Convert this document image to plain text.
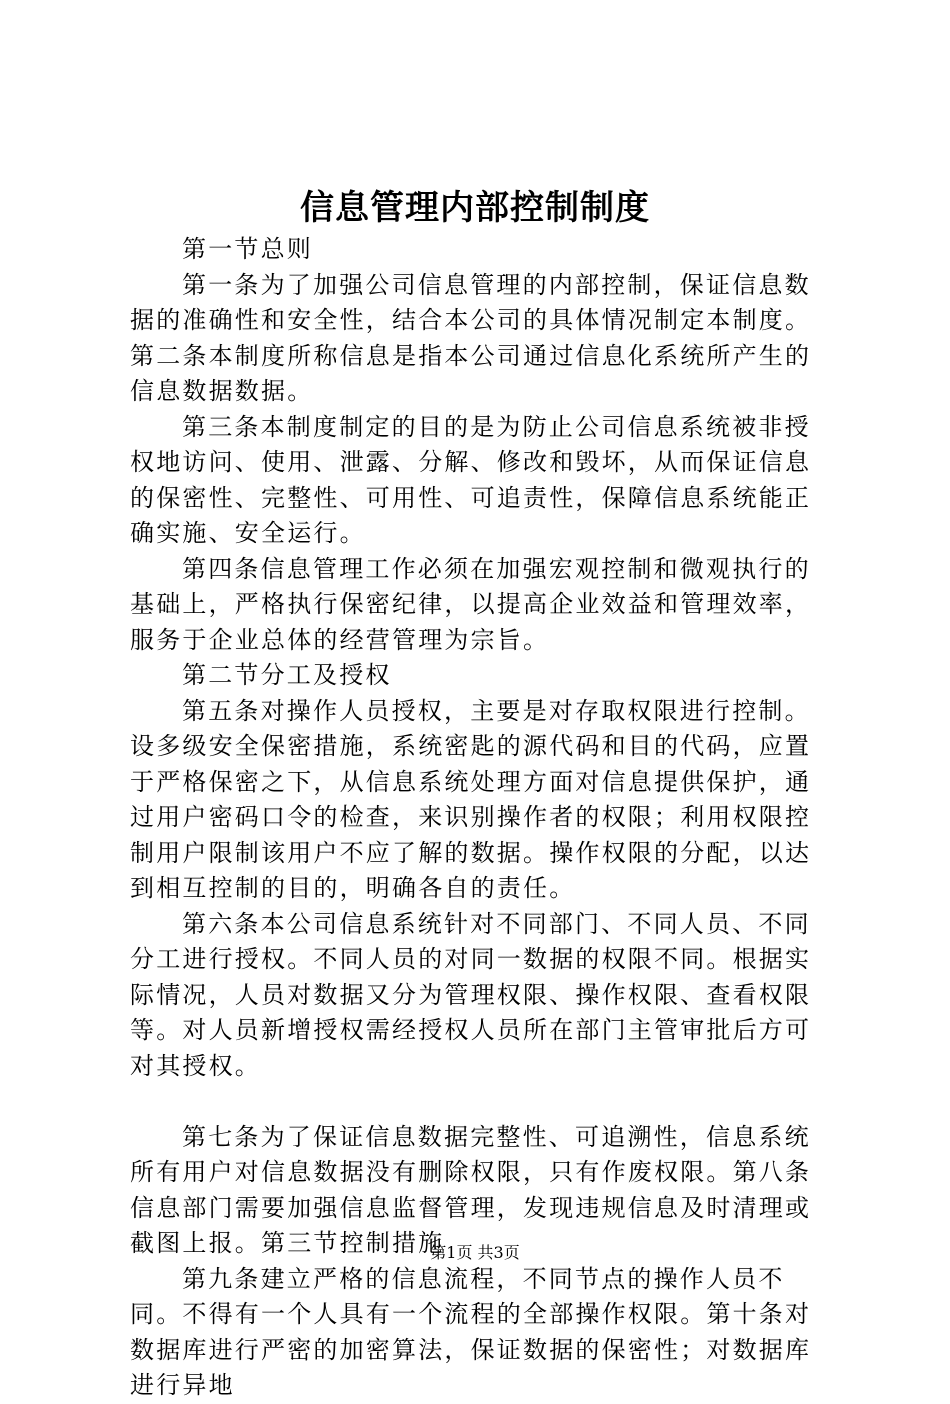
信息管理内部控制制度

第一节总则

第一条为了加强公司信息管理的内部控制，保证信息数据的准确性和安全性，结合本公司的具体情况制定本制度。第二条本制度所称信息是指本公司通过信息化系统所产生的信息数据数据。

第三条本制度制定的目的是为防止公司信息系统被非授权地访问、使用、泄露、分解、修改和毁坏，从而保证信息的保密性、完整性、可用性、可追责性，保障信息系统能正确实施、安全运行。

第四条信息管理工作必须在加强宏观控制和微观执行的基础上，严格执行保密纪律，以提高企业效益和管理效率，服务于企业总体的经营管理为宗旨。

第二节分工及授权

第五条对操作人员授权，主要是对存取权限进行控制。设多级安全保密措施，系统密匙的源代码和目的代码，应置于严格保密之下，从信息系统处理方面对信息提供保护，通过用户密码口令的检查，来识别操作者的权限；利用权限控制用户限制该用户不应了解的数据。操作权限的分配，以达到相互控制的目的，明确各自的责任。

第六条本公司信息系统针对不同部门、不同人员、不同分工进行授权。不同人员的对同一数据的权限不同。根据实际情况，人员对数据又分为管理权限、操作权限、查看权限等。对人员新增授权需经授权人员所在部门主管审批后方可对其授权。

第七条为了保证信息数据完整性、可追溯性，信息系统所有用户对信息数据没有删除权限，只有作废权限。第八条信息部门需要加强信息监督管理，发现违规信息及时清理或截图上报。第三节控制措施

第九条建立严格的信息流程，不同节点的操作人员不同。不得有一个人具有一个流程的全部操作权限。第十条对数据库进行严密的加密算法，保证数据的保密性；对数据库进行异地

第1页 共3页
